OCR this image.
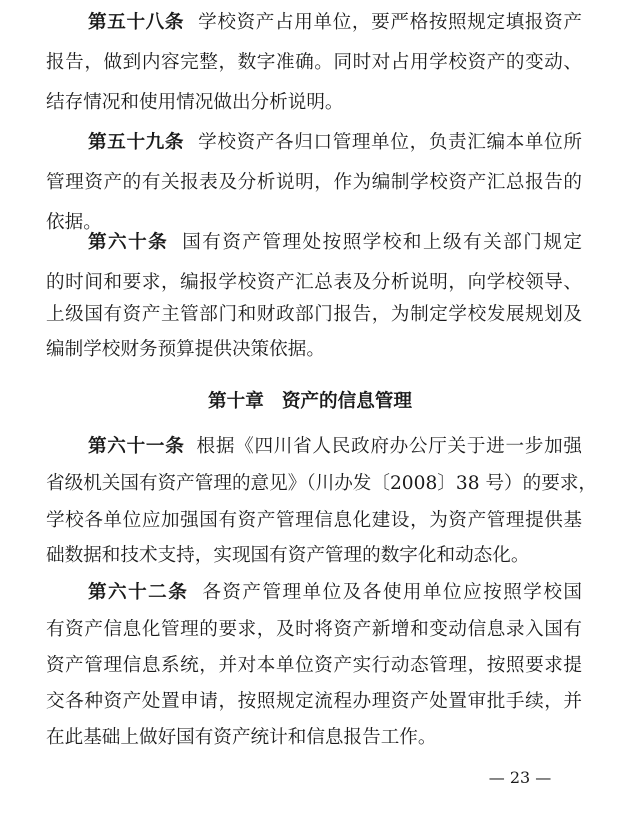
第五十八条 学校资产占用单位，要严格按照规定填报资产
报告，做到内容完整，数字准确。同时对占用学校资产的变动、
结存情况和使用情况做出分析说明。
第五十九条 学校资产各归口管理单位，负责汇编本单位所
管理资产的有关报表及分析说明，作为编制学校资产汇总报告的
依据。
第六十条 国有资产管理处按照学校和上级有关部门规定
的时间和要求，编报学校资产汇总表及分析说明，向学校领导、
上级国有资产主管部门和财政部门报告，为制定学校发展规划及
编制学校财务预算提供决策依据。
第十章 资产的信息管理
第六十一条 根据《四川省人民政府办公厅关于进一步加强
省级机关国有资产管理的意见》（川办发〔2008〕38 号）的要求，
学校各单位应加强国有资产管理信息化建设，为资产管理提供基
础数据和技术支持，实现国有资产管理的数字化和动态化。
第六十二条 各资产管理单位及各使用单位应按照学校国
有资产信息化管理的要求，及时将资产新增和变动信息录入国有
资产管理信息系统，并对本单位资产实行动态管理，按照要求提
交各种资产处置申请，按照规定流程办理资产处置审批手续，并
在此基础上做好国有资产统计和信息报告工作。
— 23 —
